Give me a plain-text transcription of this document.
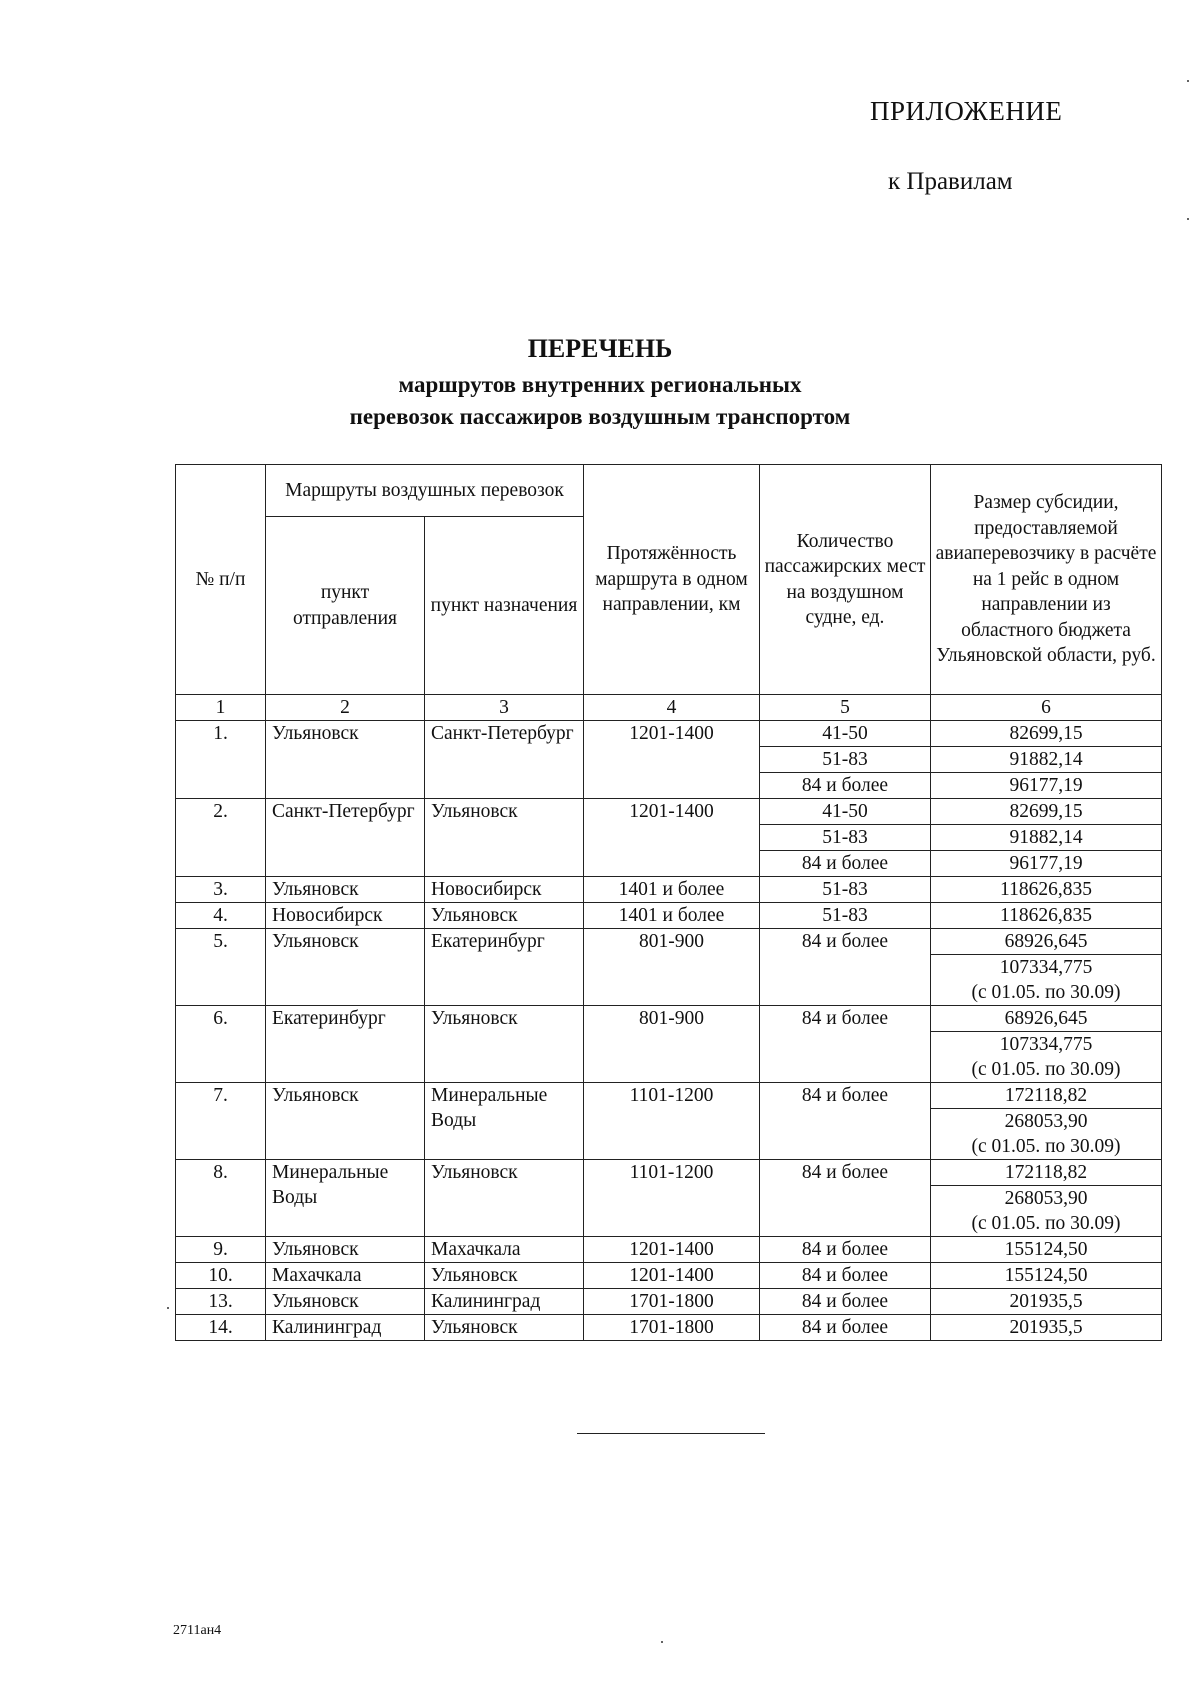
ПРИЛОЖЕНИЕ
к Правилам
ПЕРЕЧЕНЬ
маршрутов внутренних региональных
перевозок пассажиров воздушным транспортом
№ п/п	Маршруты воздушных перевозок		Протяжённость маршрута в одном направлении, км	Количество пассажирских мест на воздушном судне, ед.	Размер субсидии, предоставляемой авиаперевозчику в расчёте на 1 рейс в одном направлении из областного бюджета Ульяновской области, руб.
	пункт отправления	пункт назначения			
1	2	3	4	5	6
1.	Ульяновск	Санкт-Петербург	1201-1400	41-50	82699,15
				51-83	91882,14
				84 и более	96177,19
2.	Санкт-Петербург	Ульяновск	1201-1400	41-50	82699,15
				51-83	91882,14
				84 и более	96177,19
3.	Ульяновск	Новосибирск	1401 и более	51-83	118626,835
4.	Новосибирск	Ульяновск	1401 и более	51-83	118626,835
5.	Ульяновск	Екатеринбург	801-900	84 и более	68926,645

					107334,775
(с 01.05. по 30.09)

6.	Екатеринбург	Ульяновск	801-900	84 и более	68926,645

					107334,775
(с 01.05. по 30.09)

7.	Ульяновск	Минеральные Воды	1101-1200	84 и более	172118,82

					268053,90
(с 01.05. по 30.09)

8.	Минеральные Воды	Ульяновск	1101-1200	84 и более	172118,82

					268053,90
(с 01.05. по 30.09)

9.	Ульяновск	Махачкала	1201-1400	84 и более	155124,50
10.	Махачкала	Ульяновск	1201-1400	84 и более	155124,50
13.	Ульяновск	Калининград	1701-1800	84 и более	201935,5
14.	Калининград	Ульяновск	1701-1800	84 и более	201935,5
2711ан4
